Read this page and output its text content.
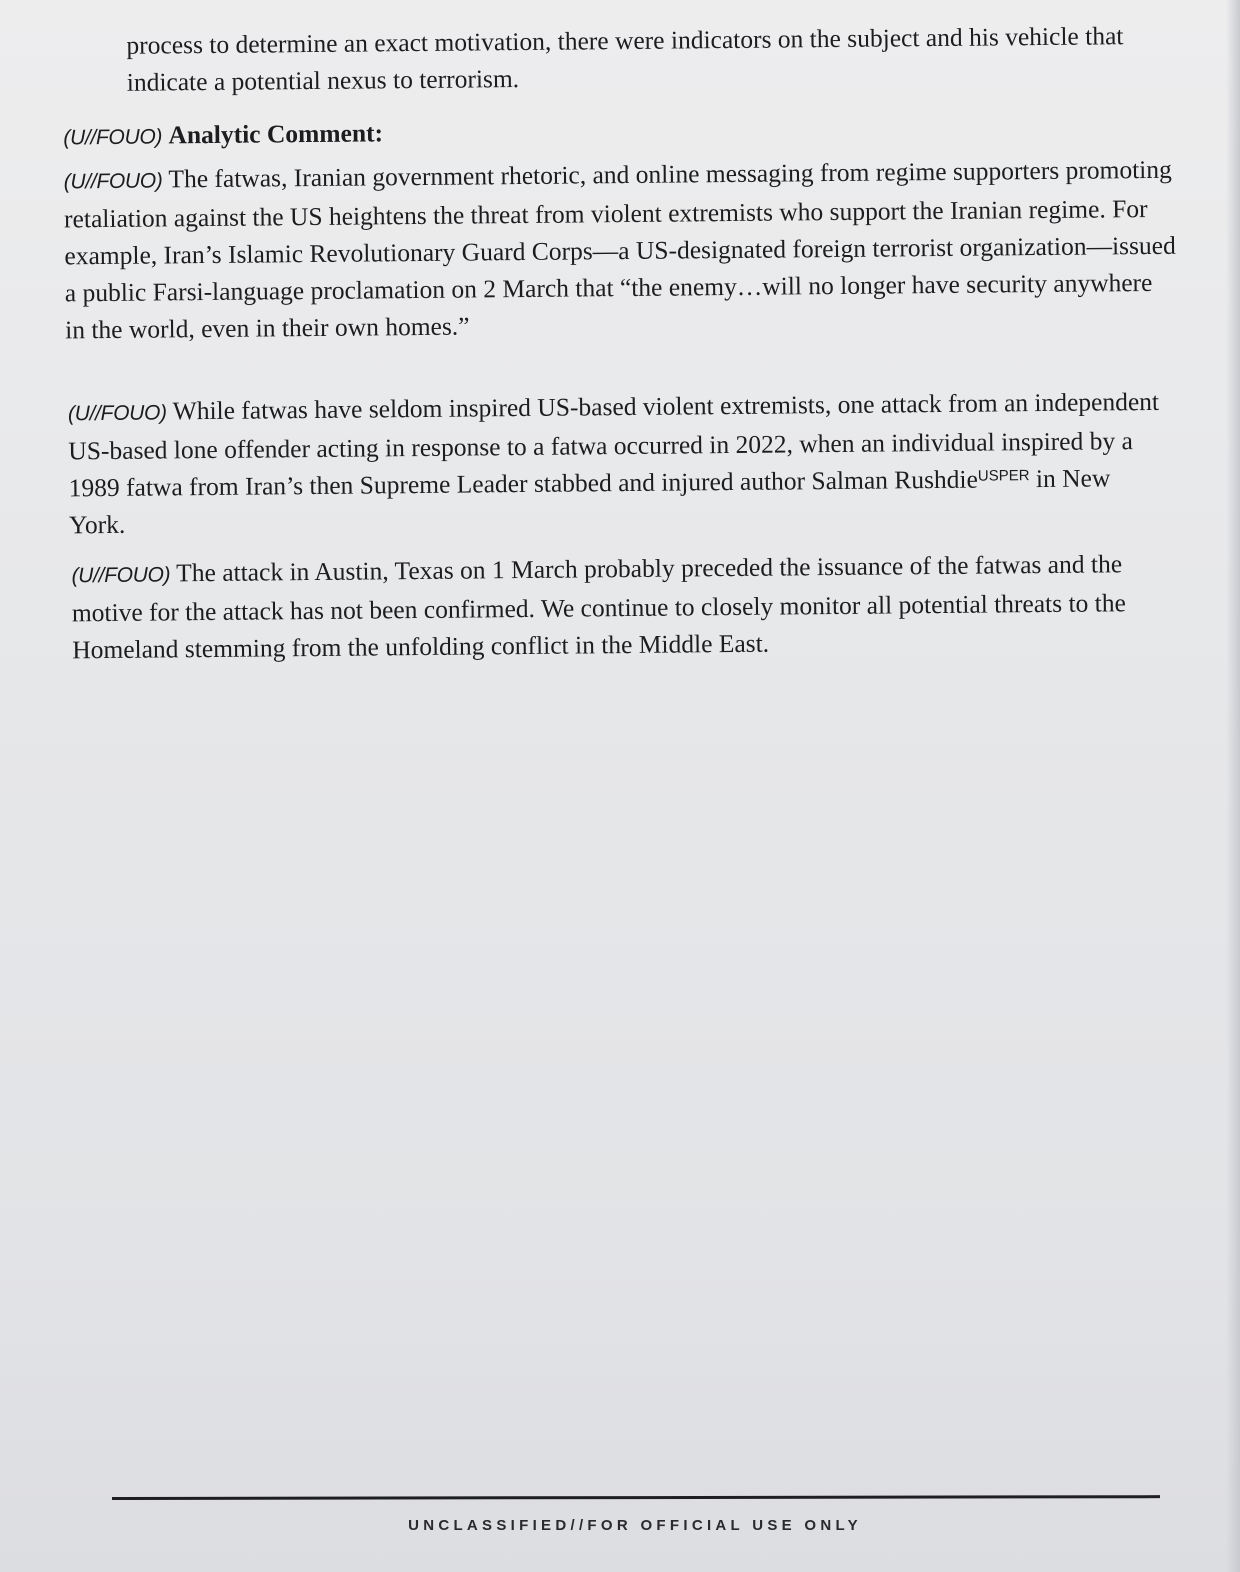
process to determine an exact motivation, there were indicators on the subject and his vehicle that indicate a potential nexus to terrorism.

(U//FOUO) Analytic Comment:

(U//FOUO) The fatwas, Iranian government rhetoric, and online messaging from regime supporters promoting retaliation against the US heightens the threat from violent extremists who support the Iranian regime. For example, Iran’s Islamic Revolutionary Guard Corps—a US-designated foreign terrorist organization—issued a public Farsi-language proclamation on 2 March that “the enemy…will no longer have security anywhere in the world, even in their own homes.”

(U//FOUO) While fatwas have seldom inspired US-based violent extremists, one attack from an independent US-based lone offender acting in response to a fatwa occurred in 2022, when an individual inspired by a 1989 fatwa from Iran’s then Supreme Leader stabbed and injured author Salman Rushdie$^{USPER}$ in New York.

(U//FOUO) The attack in Austin, Texas on 1 March probably preceded the issuance of the fatwas and the motive for the attack has not been confirmed. We continue to closely monitor all potential threats to the Homeland stemming from the unfolding conflict in the Middle East.

UNCLASSIFIED//FOR OFFICIAL USE ONLY
